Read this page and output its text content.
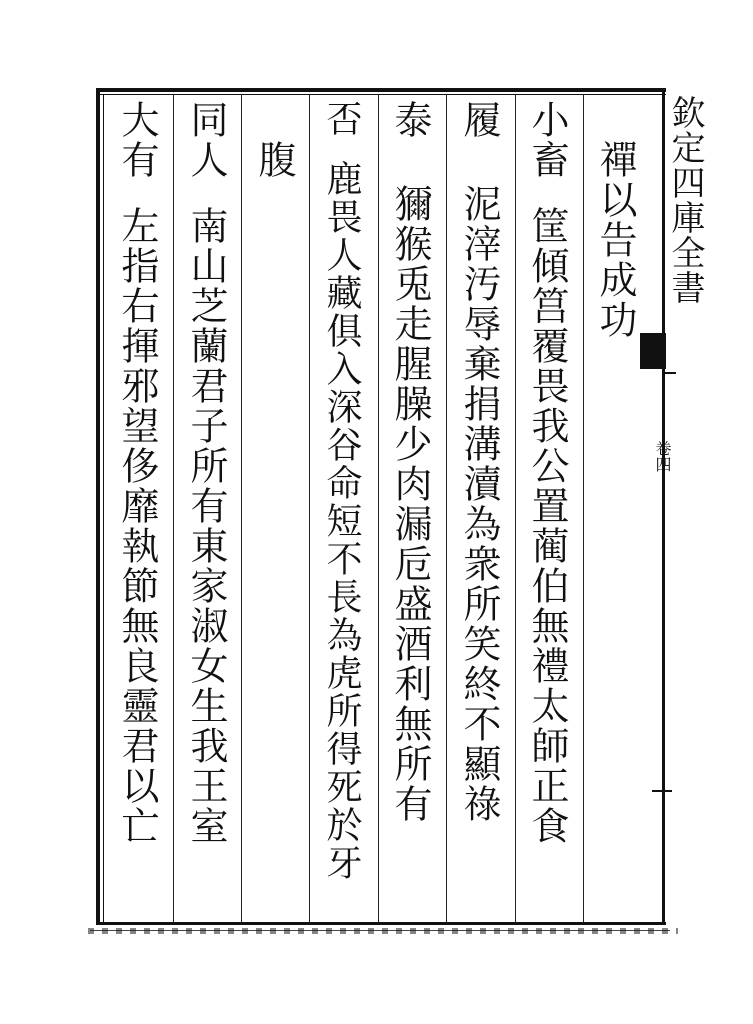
欽定四庫全書
卷四
禪以告成功
小畜筐傾筥覆畏我公置蔺伯無禮太師正食
履泥滓汚辱棄捐溝瀆為衆所笑終不顯祿
泰獮猴兎走腥臊少肉漏卮盛酒利無所有
否鹿畏人藏俱入深谷命短不長為虎所得死於牙
腹
同人南山芝蘭君子所有東家淑女生我王室
大有左指右揮邪望侈靡執節無良靈君以亡
